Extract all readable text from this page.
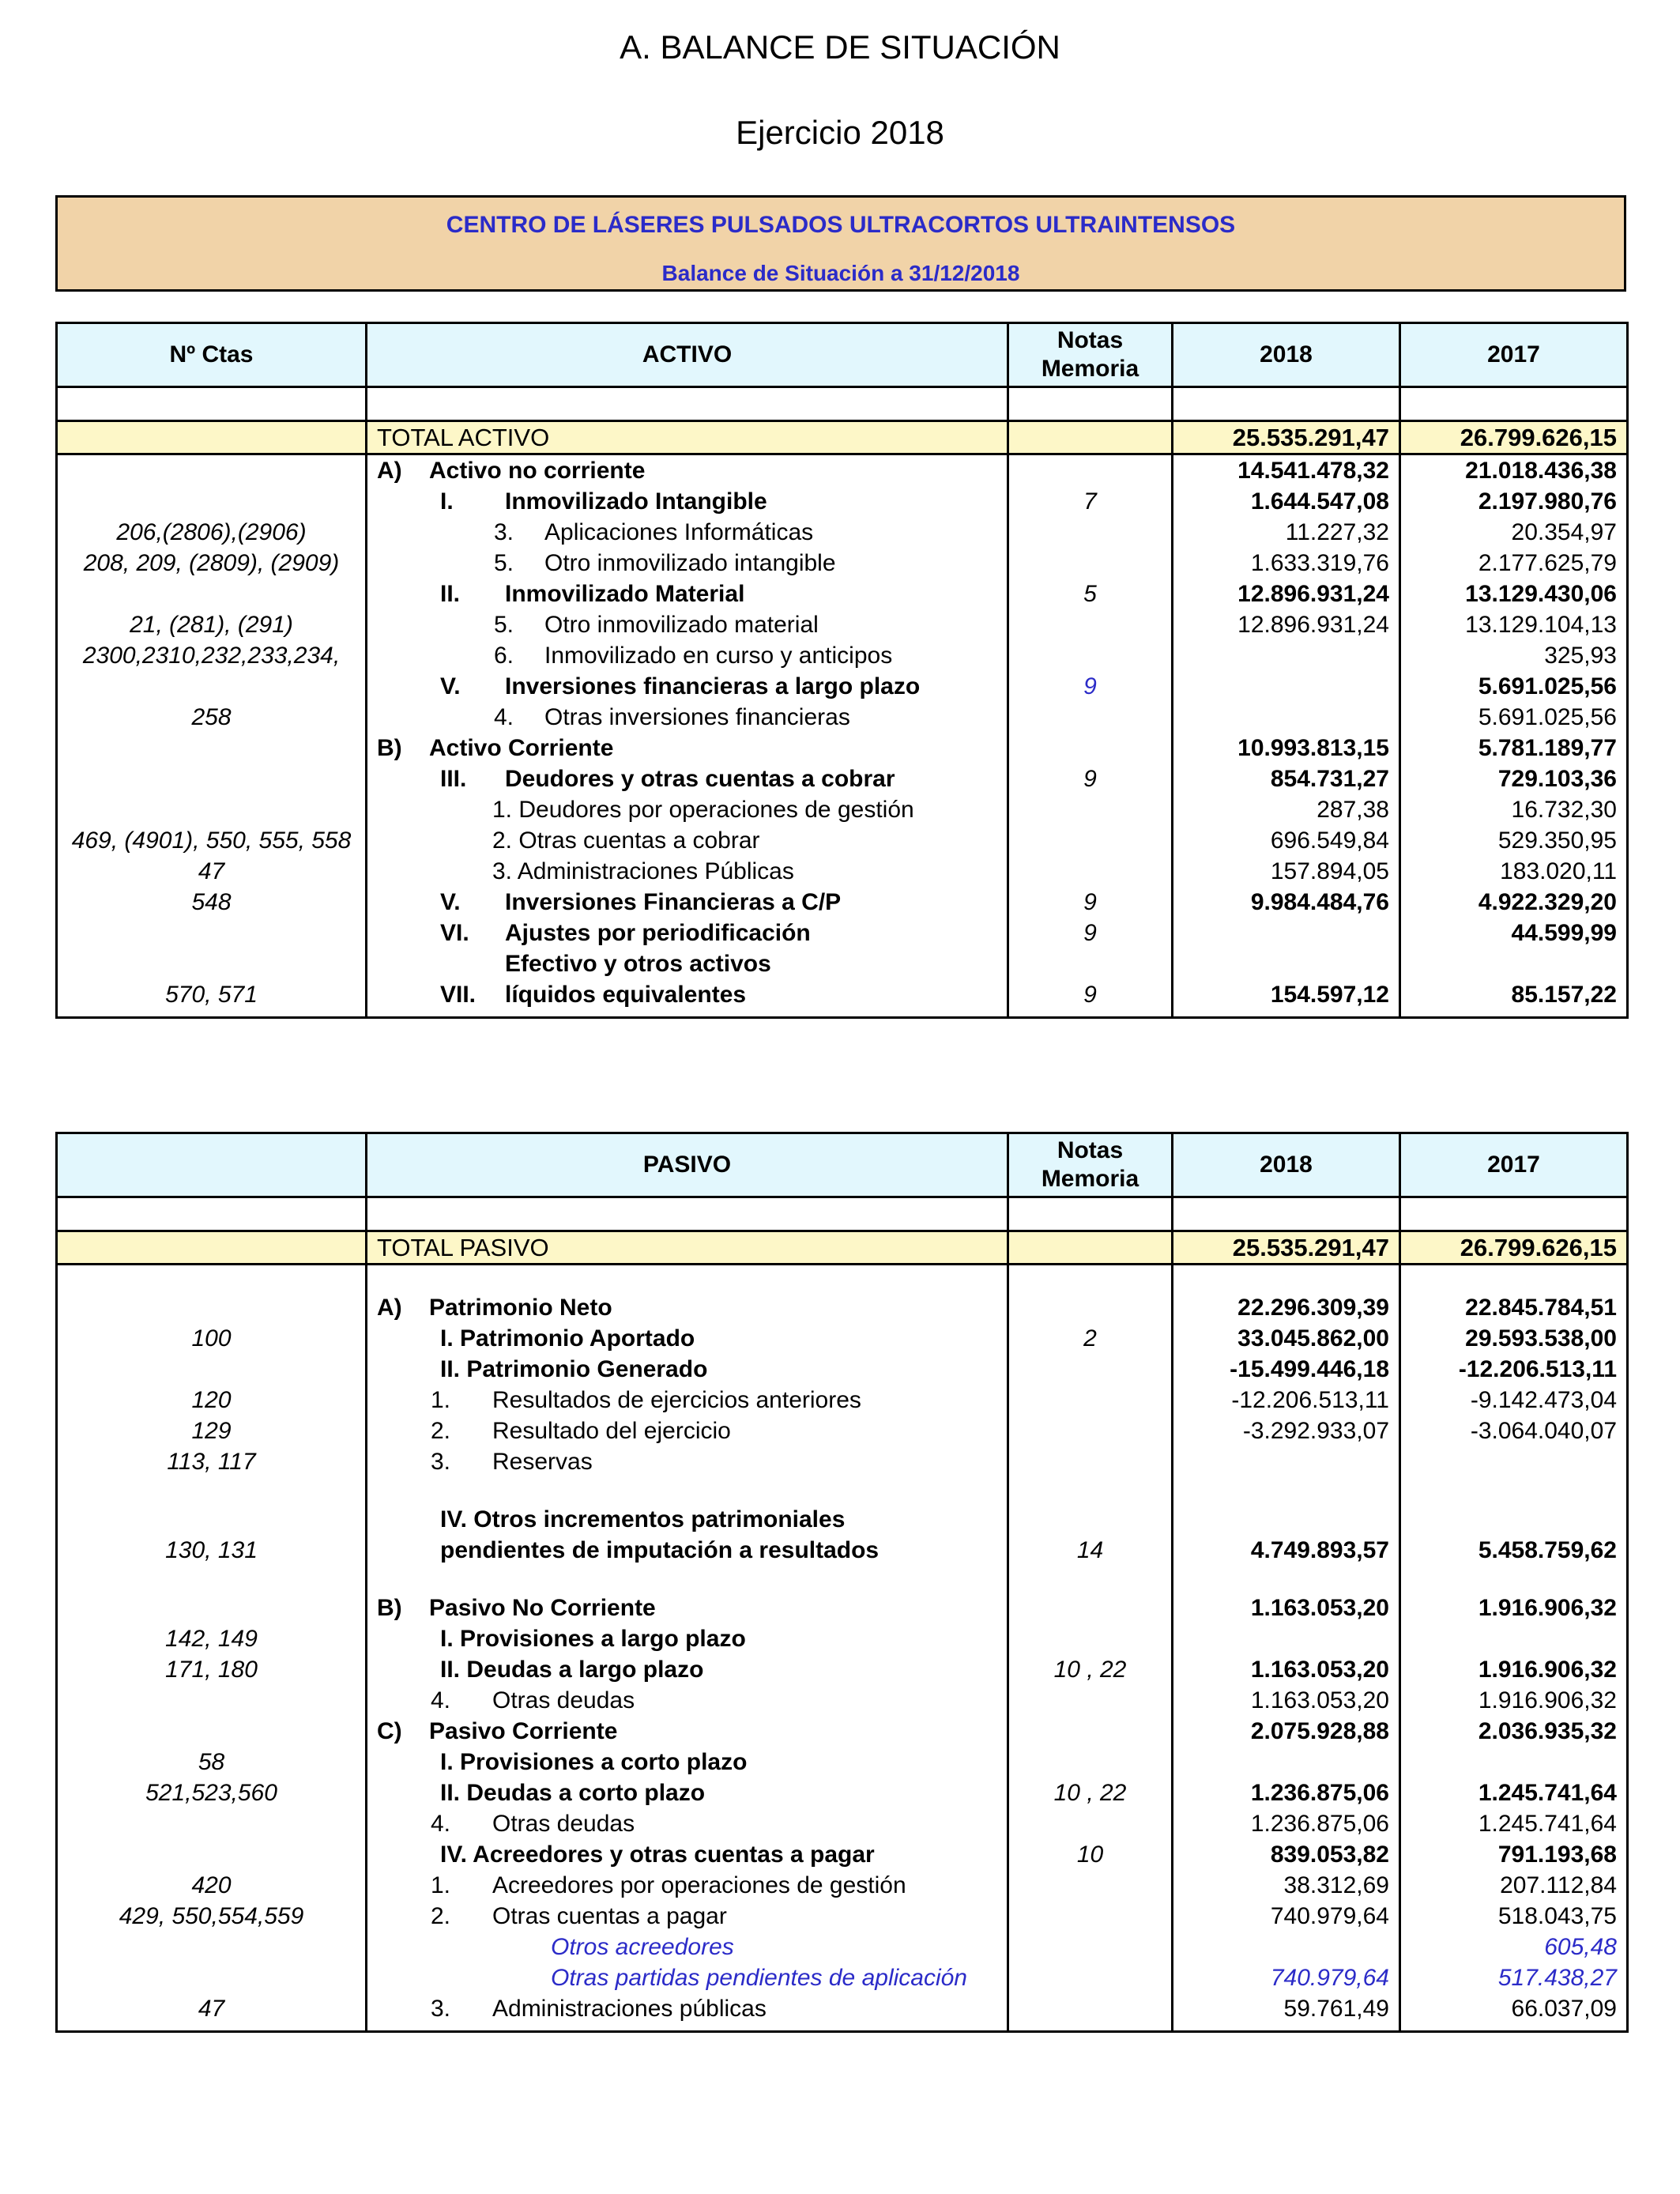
A. BALANCE DE SITUACIÓN
Ejercicio 2018
CENTRO DE LÁSERES PULSADOS ULTRACORTOS ULTRAINTENSOS
Balance de Situación a 31/12/2018
Nº Ctas	ACTIVO	Notas Memoria	2018	2017

	TOTAL ACTIVO		25.535.291,47	26.799.626,15
	A) Activo no corriente		14.541.478,32	21.018.436,38
	I. Inmovilizado Intangible	7	1.644.547,08	2.197.980,76
206,(2806),(2906)	3. Aplicaciones Informáticas		11.227,32	20.354,97
208, 209, (2809), (2909)	5. Otro inmovilizado intangible		1.633.319,76	2.177.625,79
	II. Inmovilizado Material	5	12.896.931,24	13.129.430,06
21, (281), (291)	5. Otro inmovilizado material		12.896.931,24	13.129.104,13
2300,2310,232,233,234,	6. Inmovilizado en curso y anticipos			325,93
	V. Inversiones financieras a largo plazo	9		5.691.025,56
258	4. Otras inversiones financieras			5.691.025,56
	B) Activo Corriente		10.993.813,15	5.781.189,77
	III. Deudores y otras cuentas a cobrar	9	854.731,27	729.103,36
	1. Deudores por operaciones de gestión		287,38	16.732,30
469, (4901), 550, 555, 558	2. Otras cuentas a cobrar		696.549,84	529.350,95
47	3. Administraciones Públicas		157.894,05	183.020,11
548	V. Inversiones Financieras a C/P	9	9.984.484,76	4.922.329,20
	VI. Ajustes por periodificación	9		44.599,99
570, 571	VII.Efectivo y otros activos líquidos equivalentes	9	154.597,12	85.157,22
	PASIVO	Notas Memoria	2018	2017

	TOTAL PASIVO		25.535.291,47	26.799.626,15

	A) Patrimonio Neto		22.296.309,39	22.845.784,51
100	I. Patrimonio Aportado	2	33.045.862,00	29.593.538,00
	II. Patrimonio Generado		-15.499.446,18	-12.206.513,11
120	1. Resultados de ejercicios anteriores		-12.206.513,11	-9.142.473,04
129	2. Resultado del ejercicio		-3.292.933,07	-3.064.040,07
113, 117	3. Reservas			

130, 131	IV. Otros incrementos patrimoniales pendientes de imputación a resultados	14	4.749.893,57	5.458.759,62

	B) Pasivo No Corriente		1.163.053,20	1.916.906,32
142, 149	I. Provisiones a largo plazo			
171, 180	II. Deudas a largo plazo	10 , 22	1.163.053,20	1.916.906,32
	4. Otras deudas		1.163.053,20	1.916.906,32
	C) Pasivo Corriente		2.075.928,88	2.036.935,32
58	I. Provisiones a corto plazo			
521,523,560	II. Deudas a corto plazo	10 , 22	1.236.875,06	1.245.741,64
	4. Otras deudas		1.236.875,06	1.245.741,64
	IV. Acreedores y otras cuentas a pagar	10	839.053,82	791.193,68
420	1. Acreedores por operaciones de gestión		38.312,69	207.112,84
429, 550,554,559	2. Otras cuentas a pagar		740.979,64	518.043,75
	Otros acreedores			605,48
	Otras partidas pendientes de aplicación		740.979,64	517.438,27
47	3. Administraciones públicas		59.761,49	66.037,09
